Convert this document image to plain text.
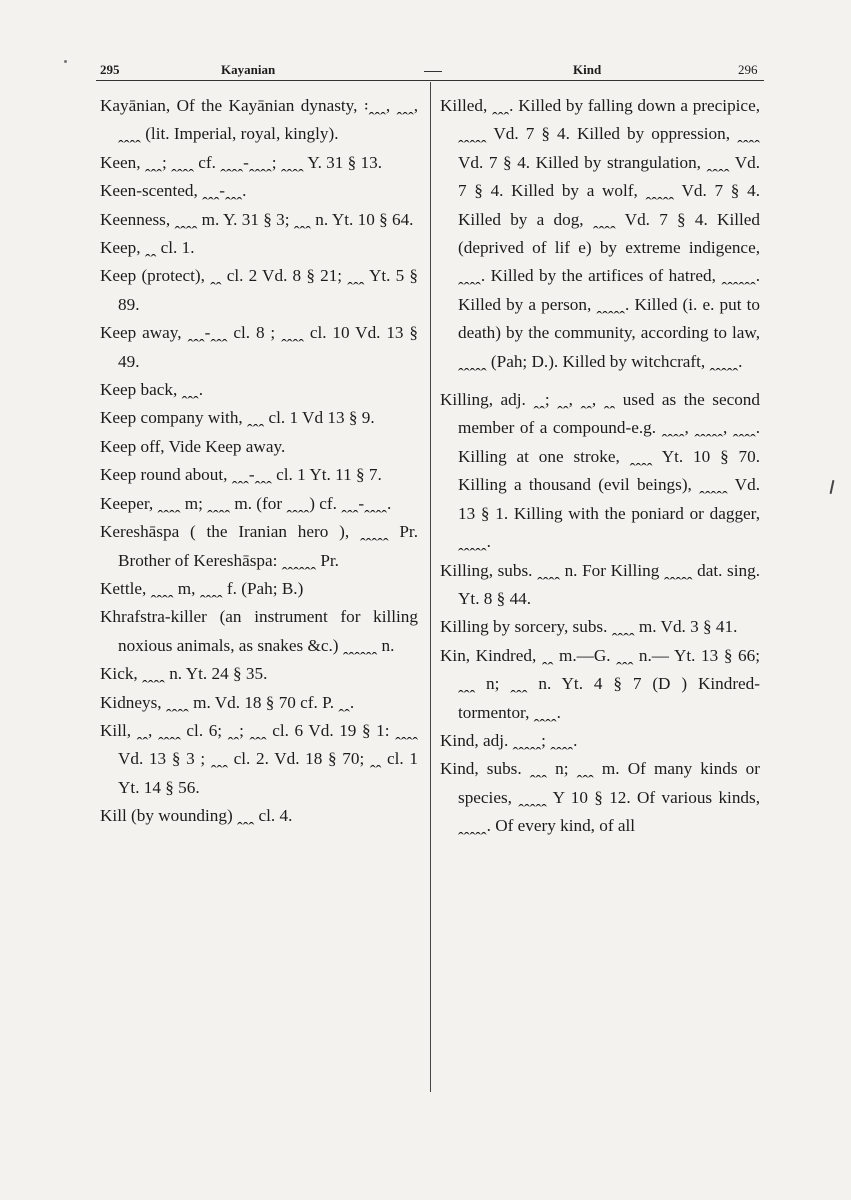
295	Kayanian	Kind	296

Kayānian, Of the Kayānian dynasty, ꞉ꞈꞈꞈ, ꞈꞈꞈ, ꞈꞈꞈꞈ (lit. Imperial, royal, kingly).

Keen, ꞈꞈꞈ; ꞈꞈꞈꞈ cf. ꞈꞈꞈꞈ-ꞈꞈꞈꞈ; ꞈꞈꞈꞈ Y. 31 § 13.

Keen-scented, ꞈꞈꞈ-ꞈꞈꞈ.

Keenness, ꞈꞈꞈꞈ m. Y. 31 § 3; ꞈꞈꞈ n. Yt. 10 § 64.

Keep, ꞈꞈ cl. 1.

Keep (protect), ꞈꞈ cl. 2 Vd. 8 § 21; ꞈꞈꞈ Yt. 5 § 89.

Keep away, ꞈꞈꞈ-ꞈꞈꞈ cl. 8 ; ꞈꞈꞈꞈ cl. 10 Vd. 13 § 49.

Keep back, ꞈꞈꞈ.

Keep company with, ꞈꞈꞈ cl. 1 Vd 13 § 9.

Keep off, Vide Keep away.

Keep round about, ꞈꞈꞈ-ꞈꞈꞈ cl. 1 Yt. 11 § 7.

Keeper, ꞈꞈꞈꞈ m; ꞈꞈꞈꞈ m. (for ꞈꞈꞈꞈ) cf. ꞈꞈꞈ-ꞈꞈꞈꞈ.

Kereshāspa ( the Iranian hero ), ꞈꞈꞈꞈꞈ Pr. Brother of Kereshāspa: ꞈꞈꞈꞈꞈꞈ Pr.

Kettle, ꞈꞈꞈꞈ m, ꞈꞈꞈꞈ f. (Pah; B.)

Khrafstra-killer (an instrument for killing noxious animals, as snakes &c.) ꞈꞈꞈꞈꞈꞈ n.

Kick, ꞈꞈꞈꞈ n. Yt. 24 § 35.

Kidneys, ꞈꞈꞈꞈ m. Vd. 18 § 70 cf. P. ꞈꞈ.

Kill, ꞈꞈ, ꞈꞈꞈꞈ cl. 6; ꞈꞈ; ꞈꞈꞈ cl. 6 Vd. 19 § 1: ꞈꞈꞈꞈ Vd. 13 § 3 ; ꞈꞈꞈ cl. 2. Vd. 18 § 70; ꞈꞈ cl. 1 Yt. 14 § 56.

Kill (by wounding) ꞈꞈꞈ cl. 4.

Killed, ꞈꞈꞈ. Killed by falling down a precipice, ꞈꞈꞈꞈꞈ Vd. 7 § 4. Killed by oppression, ꞈꞈꞈꞈ Vd. 7 § 4. Killed by strangulation, ꞈꞈꞈꞈ Vd. 7 § 4. Killed by a wolf, ꞈꞈꞈꞈꞈ Vd. 7 § 4. Killed by a dog, ꞈꞈꞈꞈ Vd. 7 § 4. Killed (deprived of lif e) by extreme indigence, ꞈꞈꞈꞈ. Killed by the artifices of hatred, ꞈꞈꞈꞈꞈꞈ. Killed by a person, ꞈꞈꞈꞈꞈ. Killed (i. e. put to death) by the community, according to law, ꞈꞈꞈꞈꞈ (Pah; D.). Killed by witchcraft, ꞈꞈꞈꞈꞈ.

Killing, adj. ꞈꞈ; ꞈꞈ, ꞈꞈ, ꞈꞈ used as the second member of a compound-e.g. ꞈꞈꞈꞈ, ꞈꞈꞈꞈꞈ, ꞈꞈꞈꞈ. Killing at one stroke, ꞈꞈꞈꞈ Yt. 10 § 70. Killing a thousand (evil beings), ꞈꞈꞈꞈꞈ Vd. 13 § 1. Killing with the poniard or dagger, ꞈꞈꞈꞈꞈ.

Killing, subs. ꞈꞈꞈꞈ n. For Killing ꞈꞈꞈꞈꞈ dat. sing. Yt. 8 § 44.

Killing by sorcery, subs. ꞈꞈꞈꞈ m. Vd. 3 § 41.

Kin, Kindred, ꞈꞈ m.—G. ꞈꞈꞈ n.— Yt. 13 § 66; ꞈꞈꞈ n; ꞈꞈꞈ n. Yt. 4 § 7 (D ) Kindred-tormentor, ꞈꞈꞈꞈ.

Kind, adj. ꞈꞈꞈꞈꞈ; ꞈꞈꞈꞈ.

Kind, subs. ꞈꞈꞈ n; ꞈꞈꞈ m. Of many kinds or species, ꞈꞈꞈꞈꞈ Y 10 § 12. Of various kinds, ꞈꞈꞈꞈꞈ. Of every kind, of all
